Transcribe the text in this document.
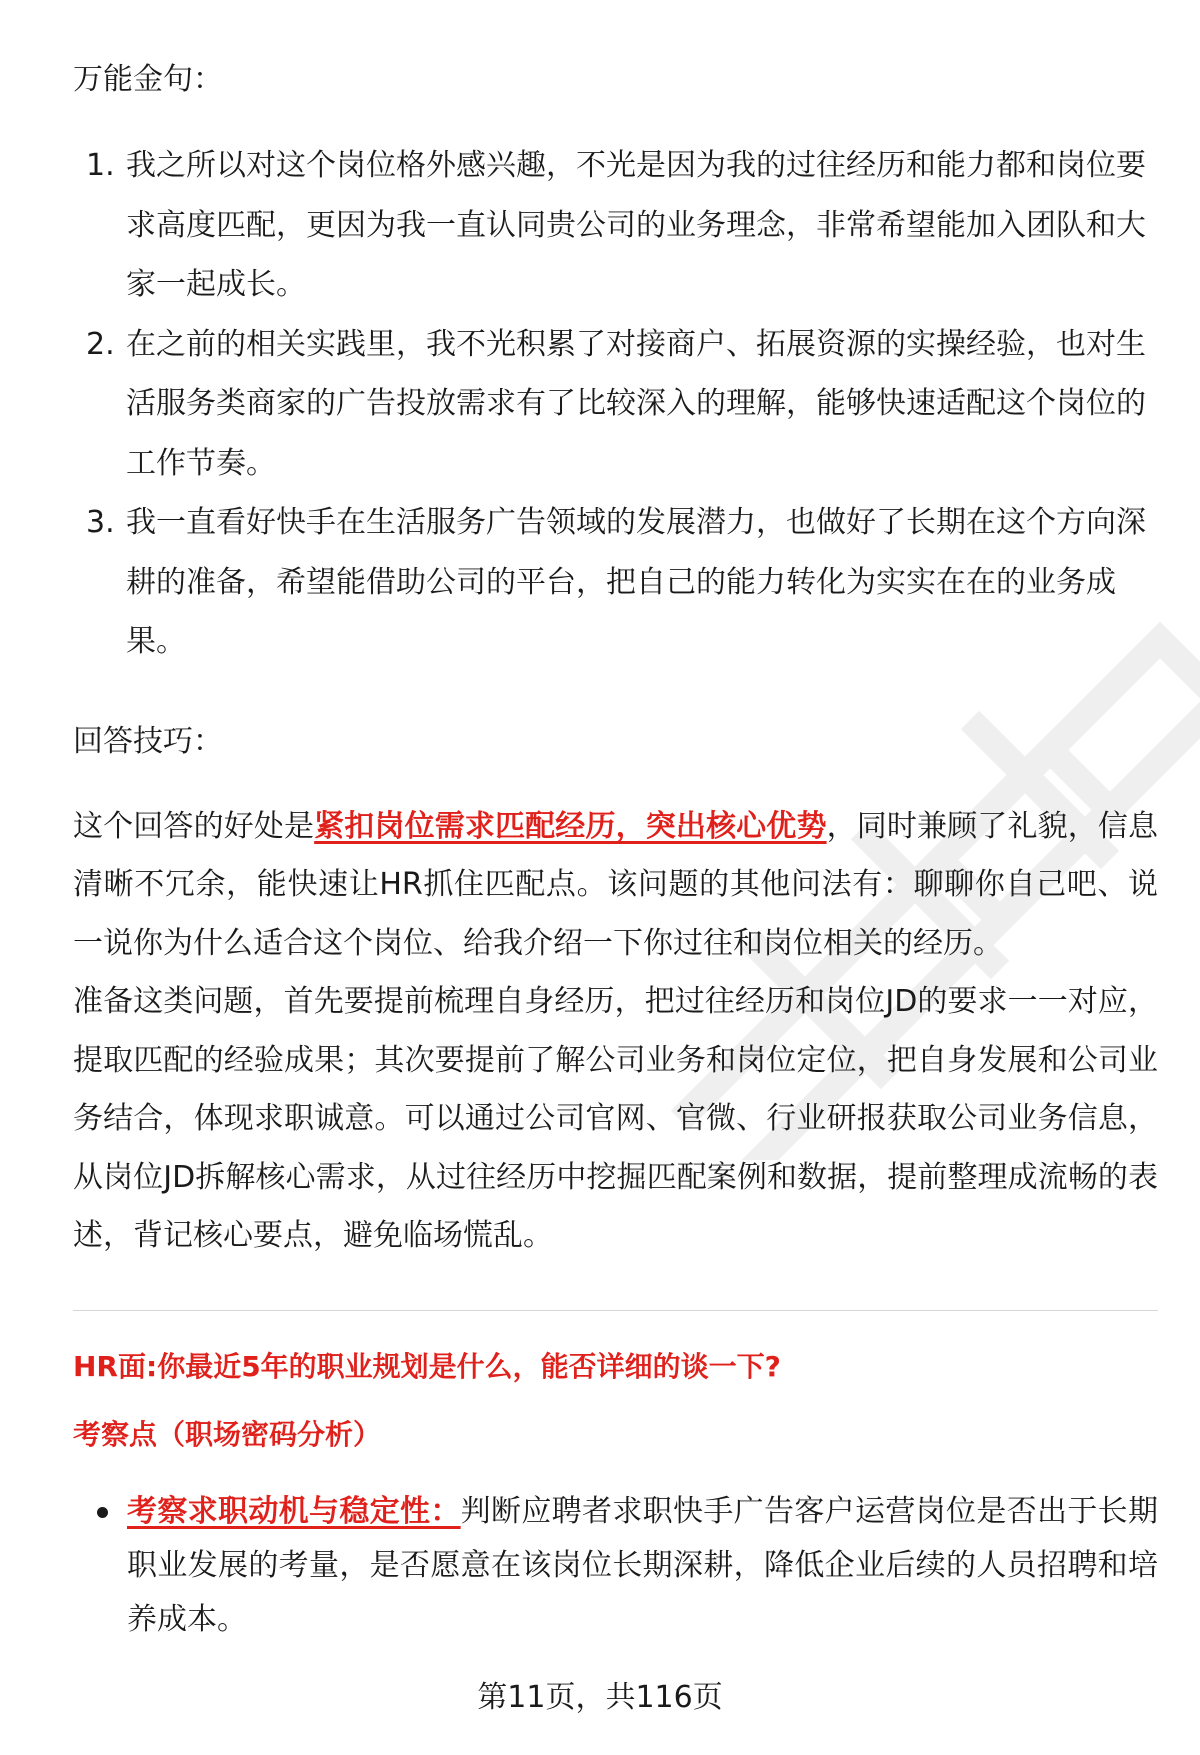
万能金句：
1. 我之所以对这个岗位格外感兴趣，不光是因为我的过往经历和能力都和岗位要求高度匹配，更因为我一直认同贵公司的业务理念，非常希望能加入团队和大家一起成长。
2. 在之前的相关实践里，我不光积累了对接商户、拓展资源的实操经验，也对生活服务类商家的广告投放需求有了比较深入的理解，能够快速适配这个岗位的工作节奏。
3. 我一直看好快手在生活服务广告领域的发展潜力，也做好了长期在这个方向深耕的准备，希望能借助公司的平台，把自己的能力转化为实实在在的业务成果。
回答技巧：

这个回答的好处是紧扣岗位需求匹配经历，突出核心优势，同时兼顾了礼貌，信息清晰不冗余，能快速让HR抓住匹配点。该问题的其他问法有：聊聊你自己吧、说一说你为什么适合这个岗位、给我介绍一下你过往和岗位相关的经历。

准备这类问题，首先要提前梳理自身经历，把过往经历和岗位JD的要求一一对应，提取匹配的经验成果；其次要提前了解公司业务和岗位定位，把自身发展和公司业务结合，体现求职诚意。可以通过公司官网、官微、行业研报获取公司业务信息，从岗位JD拆解核心需求，从过往经历中挖掘匹配案例和数据，提前整理成流畅的表述，背记核心要点，避免临场慌乱。

HR面:你最近5年的职业规划是什么，能否详细的谈一下?
考察点（职场密码分析）
考察求职动机与稳定性：判断应聘者求职快手广告客户运营岗位是否出于长期职业发展的考量，是否愿意在该岗位长期深耕，降低企业后续的人员招聘和培养成本。
第11页，共116页
